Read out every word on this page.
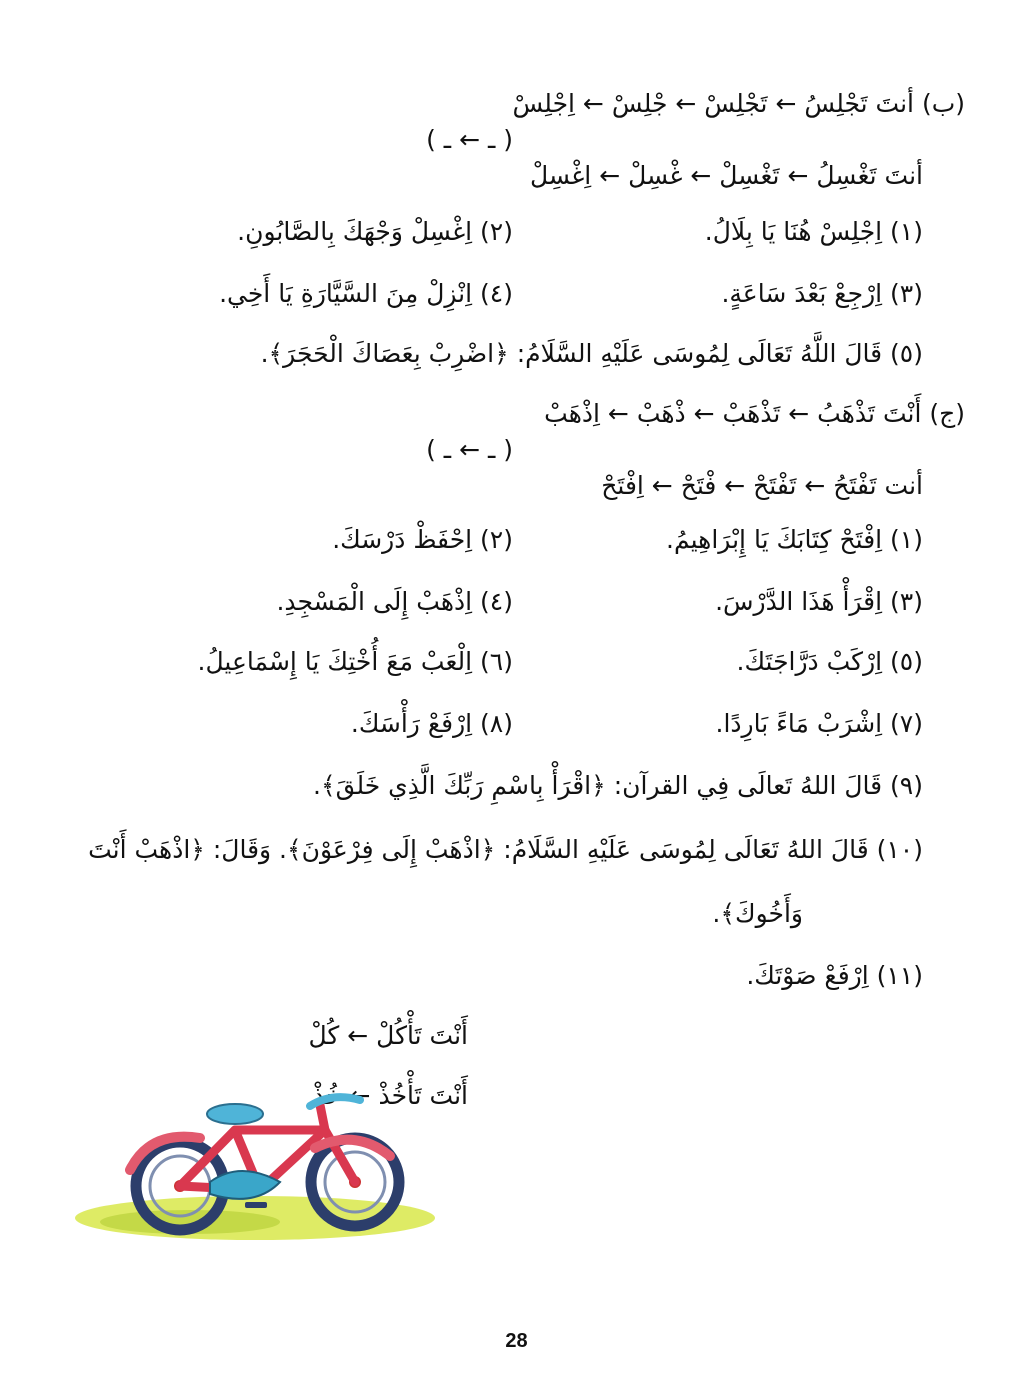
(ب) أنتَ تَجْلِسُ ← تَجْلِسْ ← جْلِسْ ← اِجْلِسْ
( ـ ← ـ )
أنتَ تَغْسِلُ ← تَغْسِلْ ← غْسِلْ ← اِغْسِلْ
(١) اِجْلِسْ هُنَا يَا بِلَالُ.
(٢) اِغْسِلْ وَجْهَكَ بِالصَّابُونِ.
(٣) اِرْجِعْ بَعْدَ سَاعَةٍ.
(٤) اِنْزِلْ مِنَ السَّيَّارَةِ يَا أَخِي.
(٥) قَالَ اللَّهُ تَعَالَى لِمُوسَى عَلَيْهِ السَّلَامُ: ﴿اضْرِبْ بِعَصَاكَ الْحَجَرَ﴾.
(ج) أَنْتَ تَذْهَبُ ← تَذْهَبْ ← ذْهَبْ ← اِذْهَبْ
( ـ ← ـ )
أنت تَفْتَحُ ← تَفْتَحْ ← فْتَحْ ← اِفْتَحْ
(١) اِفْتَحْ كِتَابَكَ يَا إِبْرَاهِيمُ.
(٢) اِحْفَظْ دَرْسَكَ.
(٣) اِقْرَأْ هَذَا الدَّرْسَ.
(٤) اِذْهَبْ إِلَى الْمَسْجِدِ.
(٥) اِرْكَبْ دَرَّاجَتَكَ.
(٦) اِلْعَبْ مَعَ أُخْتِكَ يَا إِسْمَاعِيلُ.
(٧) اِشْرَبْ مَاءً بَارِدًا.
(٨) اِرْفَعْ رَأْسَكَ.
(٩) قَالَ اللهُ تَعالَى فِي القرآن: ﴿اقْرَأْ بِاسْمِ رَبِّكَ الَّذِي خَلَقَ﴾.
(١٠) قَالَ اللهُ تَعَالَى لِمُوسَى عَلَيْهِ السَّلَامُ: ﴿اذْهَبْ إِلَى فِرْعَوْنَ﴾. وَقَالَ: ﴿اذْهَبْ أَنْتَ
وَأَخُوكَ﴾.
(١١) اِرْفَعْ صَوْتَكَ.
أَنْتَ تَأْكُلْ ← كُلْ
أَنْتَ تَأْخُذْ ← خُذْ
28
